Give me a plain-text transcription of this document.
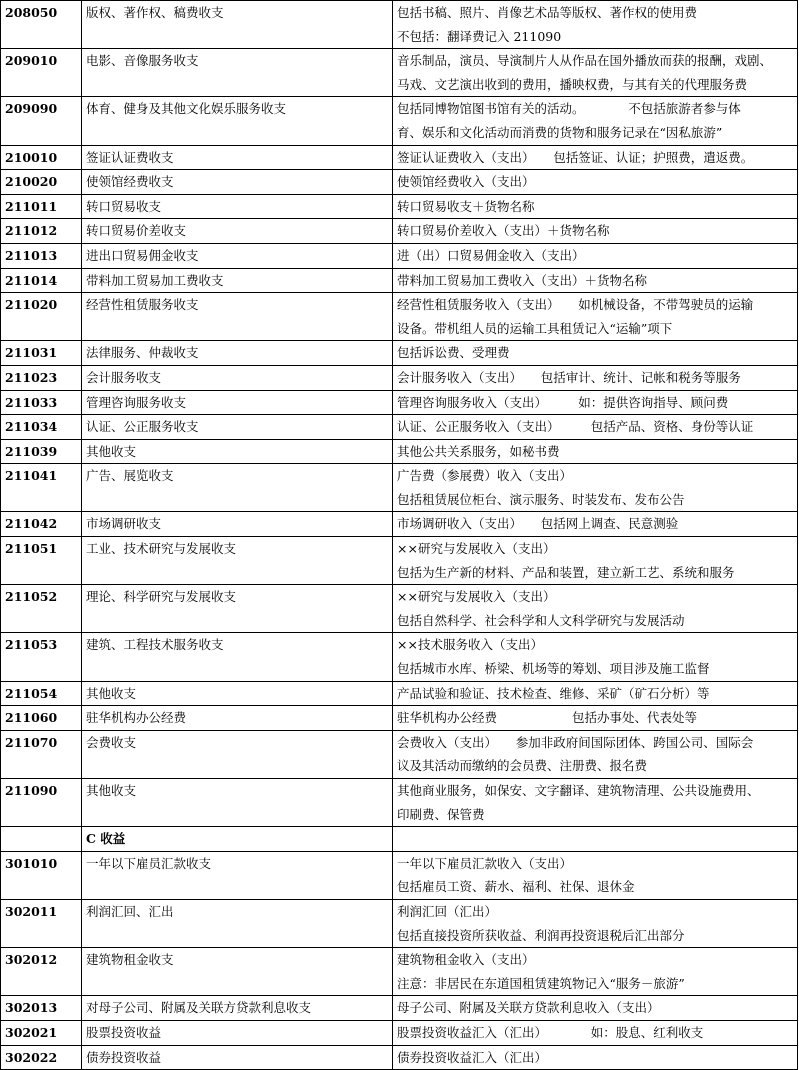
208050	版权、著作权、稿费收支	包括书稿、照片、肖像艺术品等版权、著作权的使用费
不包括：翻译费记入 211090

209010	电影、音像服务收支	音乐制品，演员、导演制片人从作品在国外播放而获的报酬，戏剧、
马戏、文艺演出收到的费用，播映权费，与其有关的代理服务费

209090	体育、健身及其他文化娱乐服务收支	包括同博物馆图书馆有关的活动。　　　　不包括旅游者参与体
育、娱乐和文化活动而消费的货物和服务记录在“因私旅游”

210010	签证认证费收支	签证认证费收入（支出）　　包括签证、认证；护照费，遣返费。

210020	使领馆经费收支	使领馆经费收入（支出）

211011	转口贸易收支	转口贸易收支＋货物名称

211012	转口贸易价差收支	转口贸易价差收入（支出）＋货物名称

211013	进出口贸易佣金收支	进（出）口贸易佣金收入（支出）

211014	带料加工贸易加工费收支	带料加工贸易加工费收入（支出）＋货物名称

211020	经营性租赁服务收支	经营性租赁服务收入（支出）　　如机械设备，不带驾驶员的运输
设备。带机组人员的运输工具租赁记入“运输”项下

211031	法律服务、仲裁收支	包括诉讼费、受理费

211023	会计服务收支	会计服务收入（支出）　　包括审计、统计、记帐和税务等服务

211033	管理咨询服务收支	管理咨询服务收入（支出）　　　如：提供咨询指导、顾问费

211034	认证、公正服务收支	认证、公正服务收入（支出）　　　包括产品、资格、身份等认证

211039	其他收支	其他公共关系服务，如秘书费

211041	广告、展览收支	广告费（参展费）收入（支出）
包括租赁展位柜台、演示服务、时装发布、发布公告

211042	市场调研收支	市场调研收入（支出）　　包括网上调查、民意测验

211051	工业、技术研究与发展收支	××研究与发展收入（支出）
包括为生产新的材料、产品和装置，建立新工艺、系统和服务

211052	理论、科学研究与发展收支	××研究与发展收入（支出）
包括自然科学、社会科学和人文科学研究与发展活动

211053	建筑、工程技术服务收支	××技术服务收入（支出）
包括城市水库、桥梁、机场等的筹划、项目涉及施工监督

211054	其他收支	产品试验和验证、技术检查、维修、采矿（矿石分析）等

211060	驻华机构办公经费	驻华机构办公经费　　　　　　包括办事处、代表处等

211070	会费收支	会费收入（支出）　　参加非政府间国际团体、跨国公司、国际会
议及其活动而缴纳的会员费、注册费、报名费

211090	其他收支	其他商业服务，如保安、文字翻译、建筑物清理、公共设施费用、
印刷费、保管费

	C 收益	
301010	一年以下雇员汇款收支	一年以下雇员汇款收入（支出）
包括雇员工资、薪水、福利、社保、退休金

302011	利润汇回、汇出	利润汇回（汇出）
包括直接投资所获收益、利润再投资退税后汇出部分

302012	建筑物租金收支	建筑物租金收入（支出）
注意：非居民在东道国租赁建筑物记入“服务－旅游”

302013	对母子公司、附属及关联方贷款利息收支	母子公司、附属及关联方贷款利息收入（支出）

302021	股票投资收益	股票投资收益汇入（汇出）　　　　如：股息、红利收支

302022	债券投资收益	债券投资收益汇入（汇出）
